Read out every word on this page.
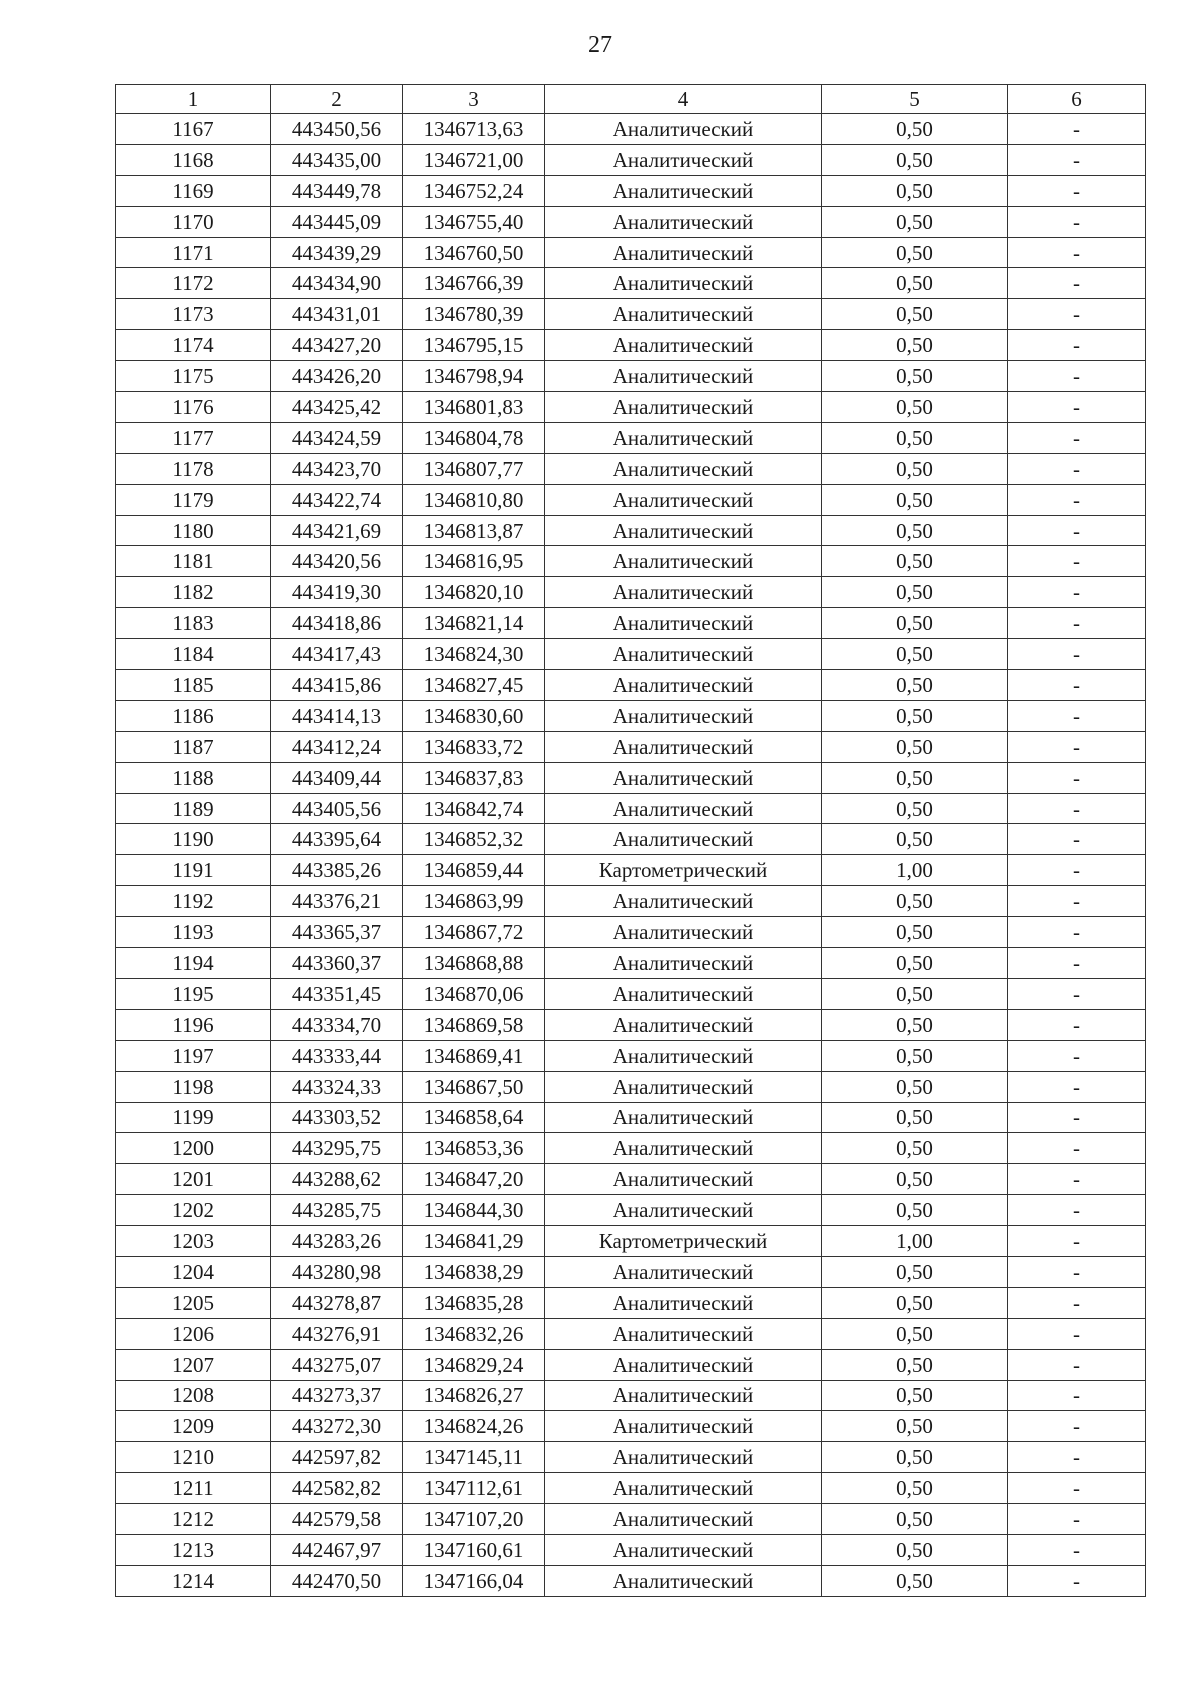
27
1	2	3	4	5	6
1167	443450,56	1346713,63	Аналитический	0,50	-
1168	443435,00	1346721,00	Аналитический	0,50	-
1169	443449,78	1346752,24	Аналитический	0,50	-
1170	443445,09	1346755,40	Аналитический	0,50	-
1171	443439,29	1346760,50	Аналитический	0,50	-
1172	443434,90	1346766,39	Аналитический	0,50	-
1173	443431,01	1346780,39	Аналитический	0,50	-
1174	443427,20	1346795,15	Аналитический	0,50	-
1175	443426,20	1346798,94	Аналитический	0,50	-
1176	443425,42	1346801,83	Аналитический	0,50	-
1177	443424,59	1346804,78	Аналитический	0,50	-
1178	443423,70	1346807,77	Аналитический	0,50	-
1179	443422,74	1346810,80	Аналитический	0,50	-
1180	443421,69	1346813,87	Аналитический	0,50	-
1181	443420,56	1346816,95	Аналитический	0,50	-
1182	443419,30	1346820,10	Аналитический	0,50	-
1183	443418,86	1346821,14	Аналитический	0,50	-
1184	443417,43	1346824,30	Аналитический	0,50	-
1185	443415,86	1346827,45	Аналитический	0,50	-
1186	443414,13	1346830,60	Аналитический	0,50	-
1187	443412,24	1346833,72	Аналитический	0,50	-
1188	443409,44	1346837,83	Аналитический	0,50	-
1189	443405,56	1346842,74	Аналитический	0,50	-
1190	443395,64	1346852,32	Аналитический	0,50	-
1191	443385,26	1346859,44	Картометрический	1,00	-
1192	443376,21	1346863,99	Аналитический	0,50	-
1193	443365,37	1346867,72	Аналитический	0,50	-
1194	443360,37	1346868,88	Аналитический	0,50	-
1195	443351,45	1346870,06	Аналитический	0,50	-
1196	443334,70	1346869,58	Аналитический	0,50	-
1197	443333,44	1346869,41	Аналитический	0,50	-
1198	443324,33	1346867,50	Аналитический	0,50	-
1199	443303,52	1346858,64	Аналитический	0,50	-
1200	443295,75	1346853,36	Аналитический	0,50	-
1201	443288,62	1346847,20	Аналитический	0,50	-
1202	443285,75	1346844,30	Аналитический	0,50	-
1203	443283,26	1346841,29	Картометрический	1,00	-
1204	443280,98	1346838,29	Аналитический	0,50	-
1205	443278,87	1346835,28	Аналитический	0,50	-
1206	443276,91	1346832,26	Аналитический	0,50	-
1207	443275,07	1346829,24	Аналитический	0,50	-
1208	443273,37	1346826,27	Аналитический	0,50	-
1209	443272,30	1346824,26	Аналитический	0,50	-
1210	442597,82	1347145,11	Аналитический	0,50	-
1211	442582,82	1347112,61	Аналитический	0,50	-
1212	442579,58	1347107,20	Аналитический	0,50	-
1213	442467,97	1347160,61	Аналитический	0,50	-
1214	442470,50	1347166,04	Аналитический	0,50	-
